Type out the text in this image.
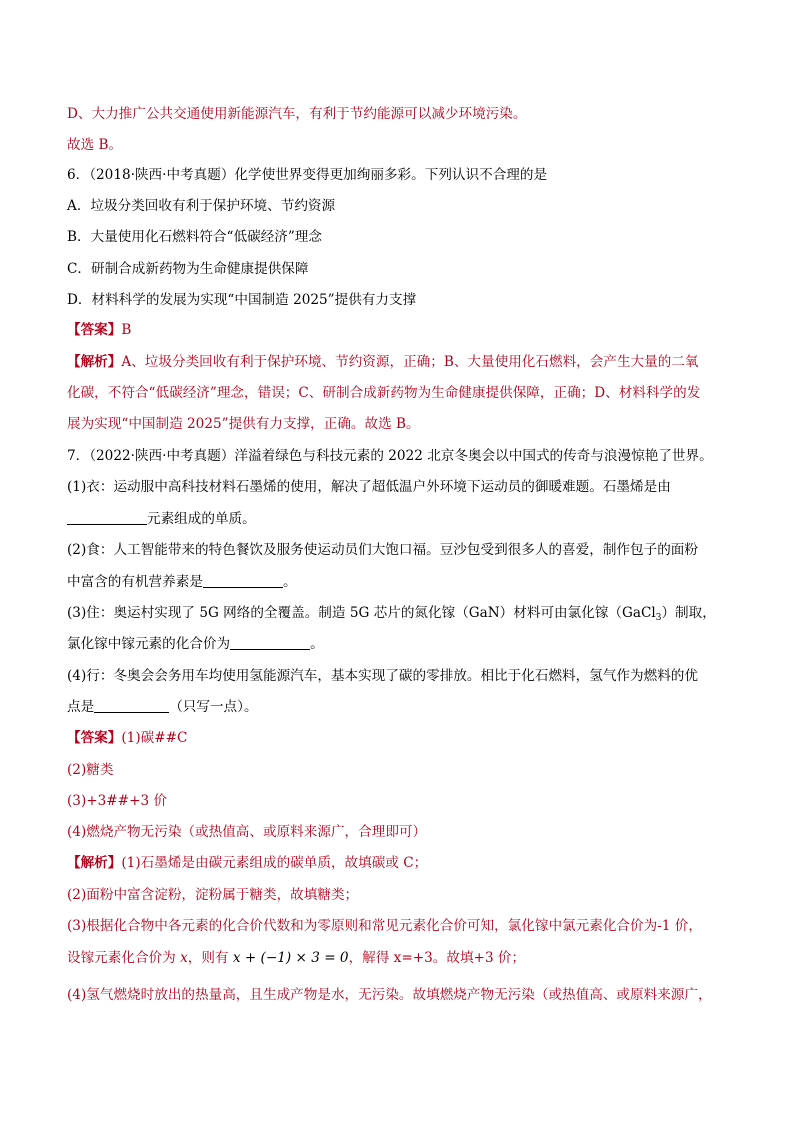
D、大力推广公共交通使用新能源汽车，有利于节约能源可以减少环境污染。
故选 B。
6．（2018·陕西·中考真题）化学使世界变得更加绚丽多彩。下列认识不合理的是
A．垃圾分类回收有利于保护环境、节约资源
B．大量使用化石燃料符合“低碳经济”理念
C．研制合成新药物为生命健康提供保障
D．材料科学的发展为实现“中国制造 2025”提供有力支撑
【答案】B
【解析】A、垃圾分类回收有利于保护环境、节约资源，正确；B、大量使用化石燃料，会产生大量的二氧
化碳，不符合“低碳经济”理念，错误；C、研制合成新药物为生命健康提供保障，正确；D、材料科学的发
展为实现“中国制造 2025”提供有力支撑，正确。故选 B。
7．（2022·陕西·中考真题）洋溢着绿色与科技元素的 2022 北京冬奥会以中国式的传奇与浪漫惊艳了世界。
(1)衣：运动服中高科技材料石墨烯的使用，解决了超低温户外环境下运动员的御暖难题。石墨烯是由
元素组成的单质。
(2)食：人工智能带来的特色餐饮及服务使运动员们大饱口福。豆沙包受到很多人的喜爱，制作包子的面粉
中富含的有机营养素是	。
(3)住：奥运村实现了 5G 网络的全覆盖。制造 5G 芯片的氮化镓（GaN）材料可由氯化镓（GaCl$_3$）制取，
氯化镓中镓元素的化合价为	。
(4)行：冬奥会会务用车均使用氢能源汽车，基本实现了碳的零排放。相比于化石燃料，氢气作为燃料的优
点是	（只写一点）。
【答案】(1)碳##C
(2)糖类
(3)+3##+3 价
(4)燃烧产物无污染（或热值高、或原料来源广，合理即可）
【解析】(1)石墨烯是由碳元素组成的碳单质，故填碳或 C；
(2)面粉中富含淀粉，淀粉属于糖类，故填糖类；
(3)根据化合物中各元素的化合价代数和为零原则和常见元素化合价可知，氯化镓中氯元素化合价为-1 价，
设镓元素化合价为 x，则有 x + (−1) × 3 = 0，解得 x=+3。故填+3 价；
(4)氢气燃烧时放出的热量高，且生成产物是水，无污染。故填燃烧产物无污染（或热值高、或原料来源广，
